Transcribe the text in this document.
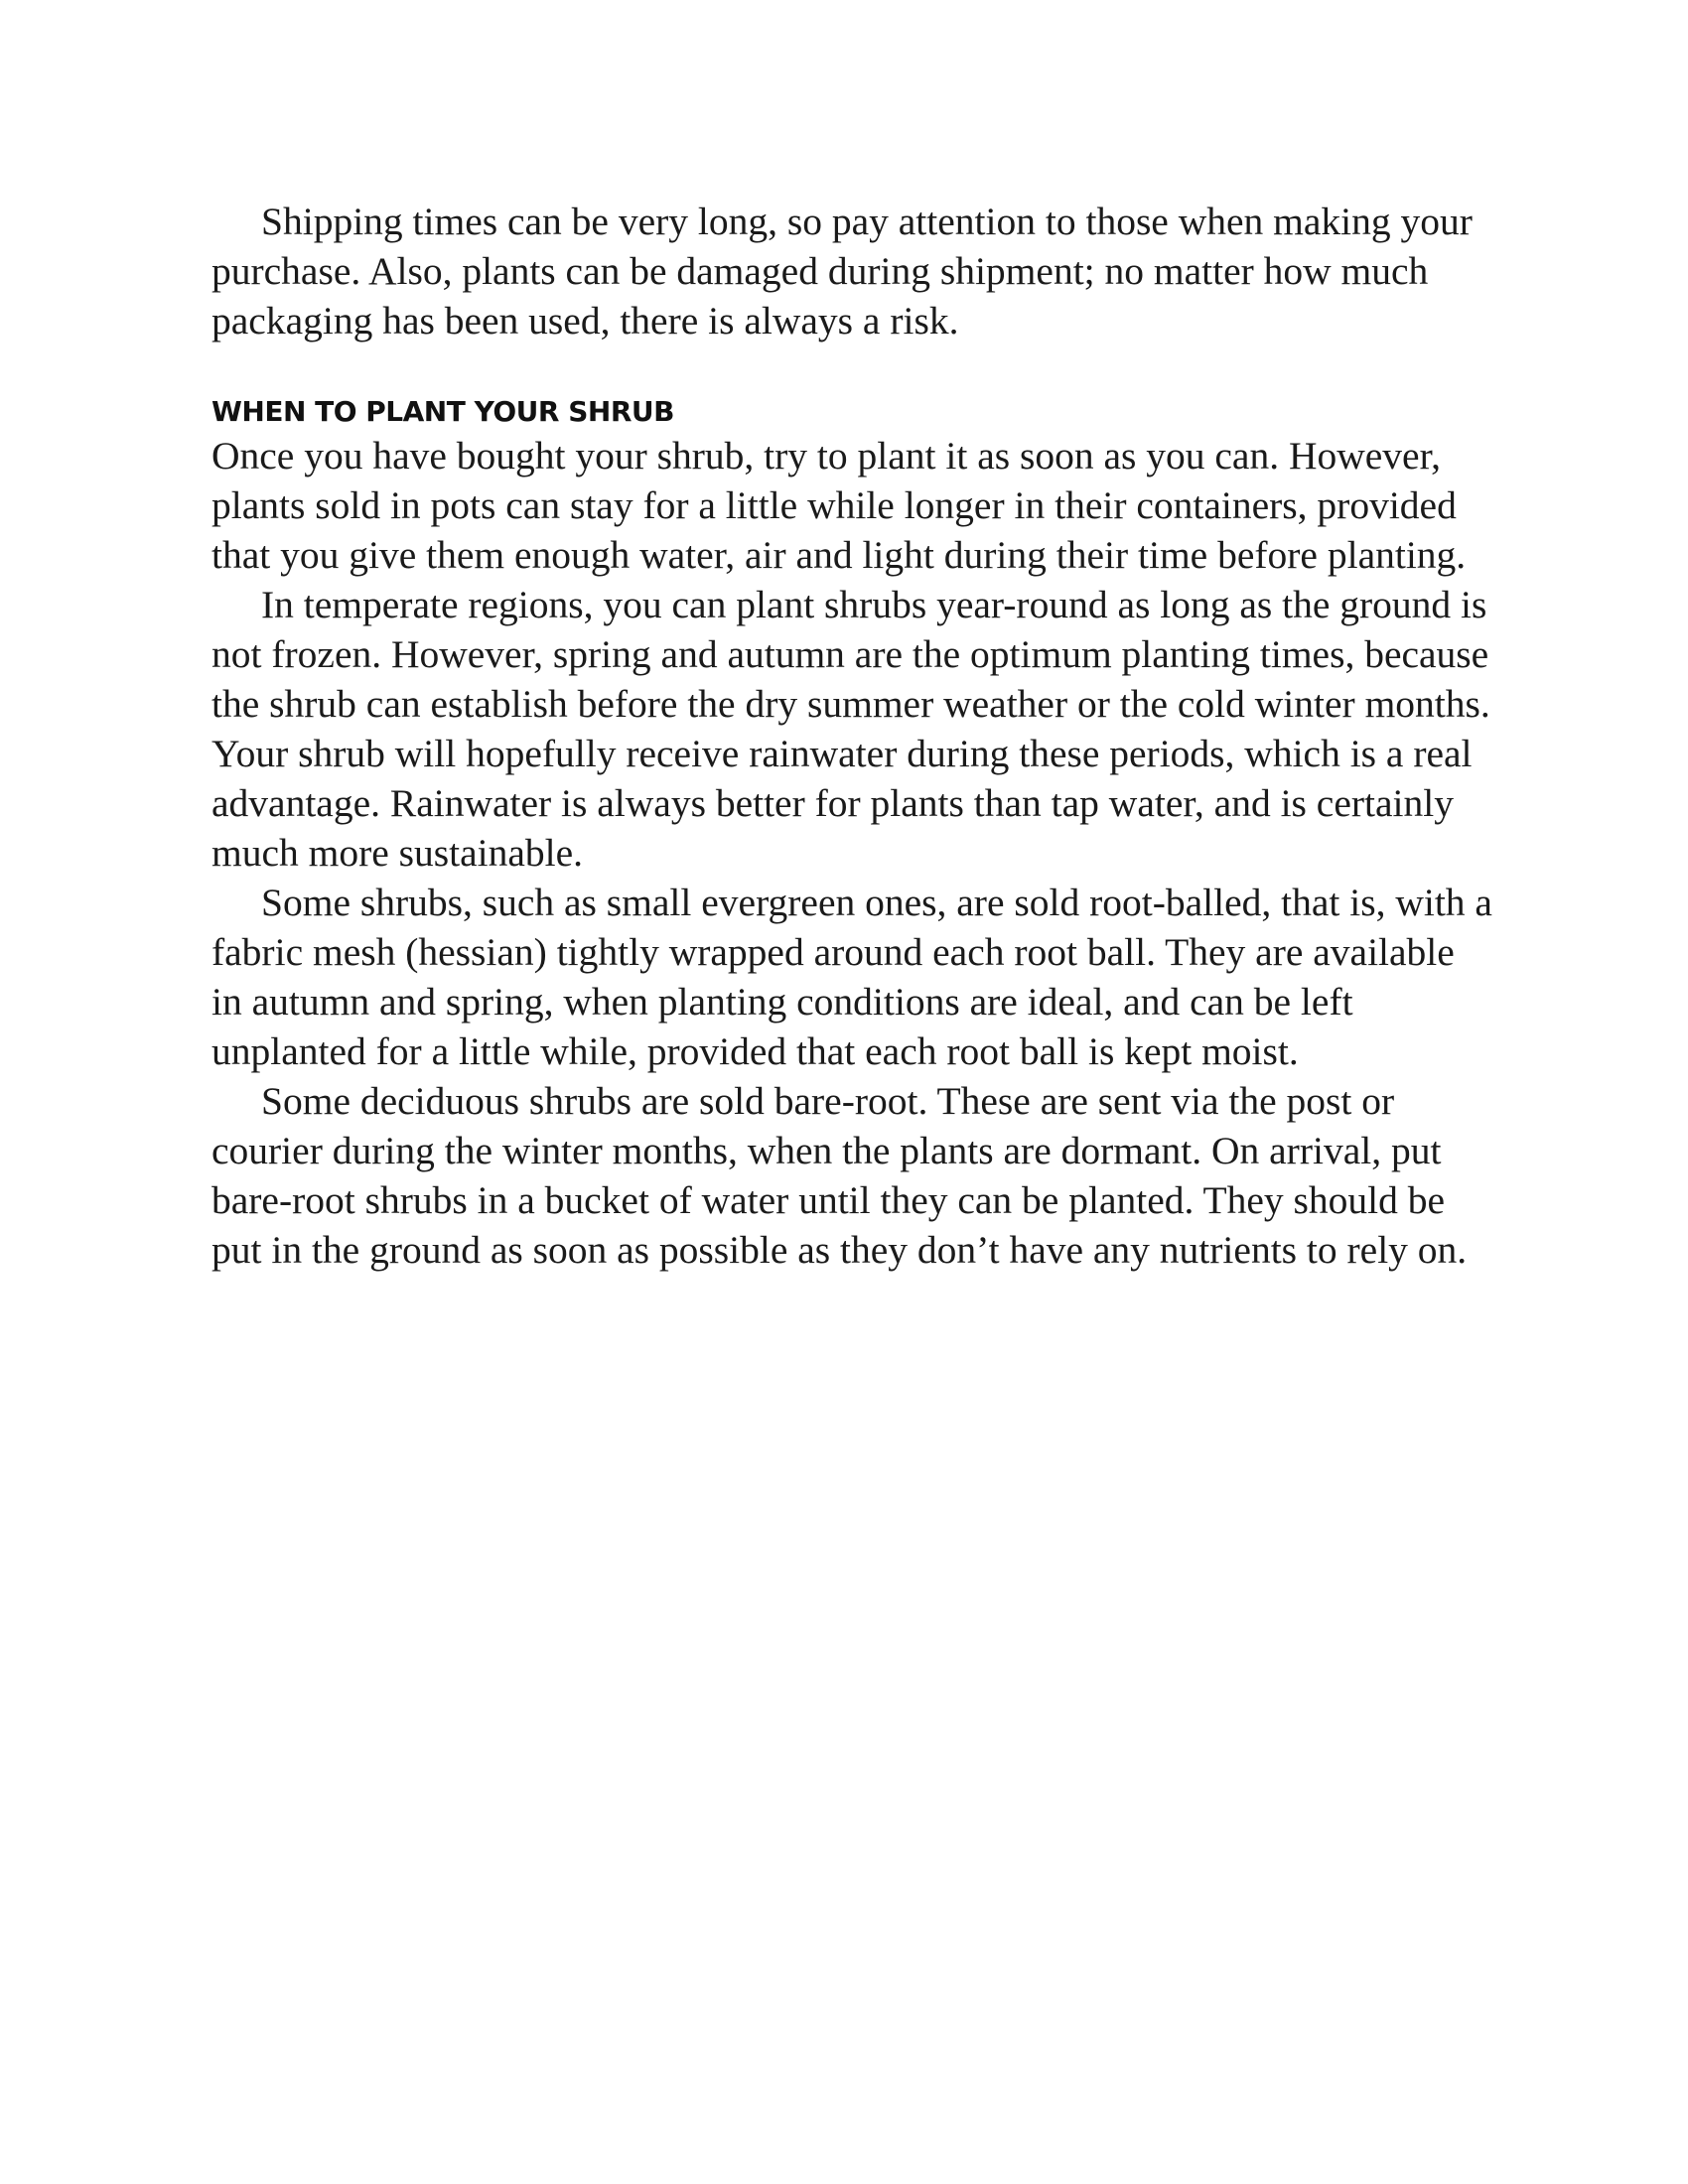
Shipping times can be very long, so pay attention to those when making your purchase. Also, plants can be damaged during shipment; no matter how much packaging has been used, there is always a risk.

WHEN TO PLANT YOUR SHRUB

Once you have bought your shrub, try to plant it as soon as you can. However, plants sold in pots can stay for a little while longer in their containers, provided that you give them enough water, air and light during their time before planting.

In temperate regions, you can plant shrubs year-round as long as the ground is not frozen. However, spring and autumn are the optimum planting times, because the shrub can establish before the dry summer weather or the cold winter months. Your shrub will hopefully receive rainwater during these periods, which is a real advantage. Rainwater is always better for plants than tap water, and is certainly much more sustainable.

Some shrubs, such as small evergreen ones, are sold root-balled, that is, with a fabric mesh (hessian) tightly wrapped around each root ball. They are available in autumn and spring, when planting conditions are ideal, and can be left unplanted for a little while, provided that each root ball is kept moist.

Some deciduous shrubs are sold bare-root. These are sent via the post or courier during the winter months, when the plants are dormant. On arrival, put bare-root shrubs in a bucket of water until they can be planted. They should be put in the ground as soon as possible as they don’t have any nutrients to rely on.
